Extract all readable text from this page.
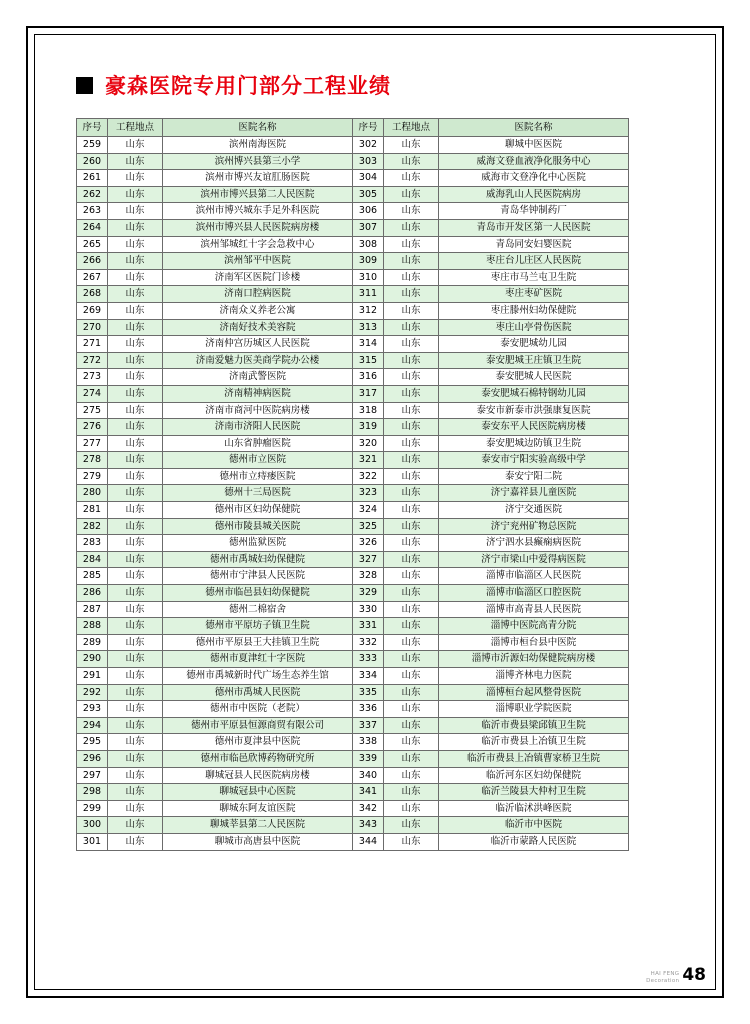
豪森医院专用门部分工程业绩
序号	工程地点	医院名称	序号	工程地点	医院名称
259	山东	滨州南海医院	302	山东	聊城中医医院
260	山东	滨州博兴县第三小学	303	山东	威海文登血液净化服务中心
261	山东	滨州市博兴友谊肛肠医院	304	山东	威海市文登净化中心医院
262	山东	滨州市博兴县第二人民医院	305	山东	威海乳山人民医院病房
263	山东	滨州市博兴城东手足外科医院	306	山东	青岛华钟制药厂
264	山东	滨州市博兴县人民医院病房楼	307	山东	青岛市开发区第一人民医院
265	山东	滨州邹城红十字会急救中心	308	山东	青岛同安妇婴医院
266	山东	滨州邹平中医院	309	山东	枣庄台儿庄区人民医院
267	山东	济南军区医院门诊楼	310	山东	枣庄市马兰屯卫生院
268	山东	济南口腔病医院	311	山东	枣庄枣矿医院
269	山东	济南众义养老公寓	312	山东	枣庄滕州妇幼保健院
270	山东	济南好技术美容院	313	山东	枣庄山亭骨伤医院
271	山东	济南仲宫历城区人民医院	314	山东	泰安肥城幼儿园
272	山东	济南爱魅力医美商学院办公楼	315	山东	泰安肥城王庄镇卫生院
273	山东	济南武警医院	316	山东	泰安肥城人民医院
274	山东	济南精神病医院	317	山东	泰安肥城石棉特钢幼儿园
275	山东	济南市商河中医院病房楼	318	山东	泰安市新泰市洪强康复医院
276	山东	济南市济阳人民医院	319	山东	泰安东平人民医院病房楼
277	山东	山东省肿瘤医院	320	山东	泰安肥城边防镇卫生院
278	山东	德州市立医院	321	山东	泰安市宁阳实验高级中学
279	山东	德州市立痔瘘医院	322	山东	泰安宁阳二院
280	山东	德州十三局医院	323	山东	济宁嘉祥县儿童医院
281	山东	德州市区妇幼保健院	324	山东	济宁交通医院
282	山东	德州市陵县城关医院	325	山东	济宁兖州矿物总医院
283	山东	德州监狱医院	326	山东	济宁泗水县癫痫病医院
284	山东	德州市禹城妇幼保健院	327	山东	济宁市梁山中爱得病医院
285	山东	德州市宁津县人民医院	328	山东	淄博市临淄区人民医院
286	山东	德州市临邑县妇幼保健院	329	山东	淄博市临淄区口腔医院
287	山东	德州二棉宿舍	330	山东	淄博市高青县人民医院
288	山东	德州市平原坊子镇卫生院	331	山东	淄博中医院高青分院
289	山东	德州市平原县王大挂镇卫生院	332	山东	淄博市桓台县中医院
290	山东	德州市夏津红十字医院	333	山东	淄博市沂源妇幼保健院病房楼
291	山东	德州市禹城新时代广场生态养生馆	334	山东	淄博齐林电力医院
292	山东	德州市禹城人民医院	335	山东	淄博桓台起风整骨医院
293	山东	德州市中医院（老院）	336	山东	淄博职业学院医院
294	山东	德州市平原县恒源商贸有限公司	337	山东	临沂市费县梁邱镇卫生院
295	山东	德州市夏津县中医院	338	山东	临沂市费县上冶镇卫生院
296	山东	德州市临邑欣博药物研究所	339	山东	临沂市费县上冶镇曹家桥卫生院
297	山东	聊城冠县人民医院病房楼	340	山东	临沂河东区妇幼保健院
298	山东	聊城冠县中心医院	341	山东	临沂兰陵县大仲村卫生院
299	山东	聊城东阿友谊医院	342	山东	临沂临沭洪峰医院
300	山东	聊城莘县第二人民医院	343	山东	临沂市中医院
301	山东	聊城市高唐县中医院	344	山东	临沂市蒙路人民医院
HAI FENG
Decoration 48
